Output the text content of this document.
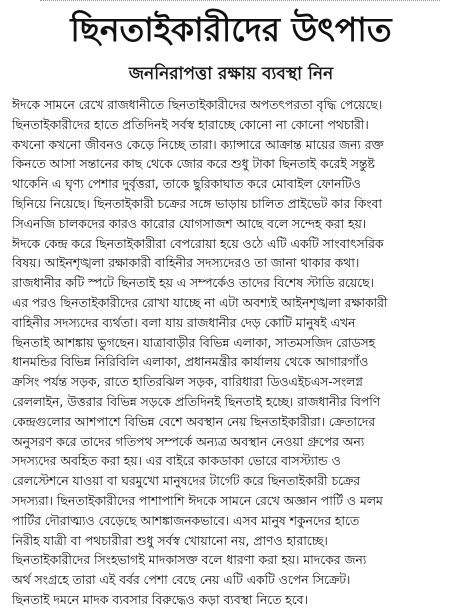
ছিনতাইকারীদের উৎপাত
জননিরাপত্তা রক্ষায় ব্যবস্থা নিন
ঈদকে সামনে রেখে রাজধানীতে ছিনতাইকারীদের অপতৎপরতা বৃদ্ধি পেয়েছে।
ছিনতাইকারীদের হাতে প্রতিদিনই সর্বস্ব হারাচ্ছে কোনো না কোনো পথচারী।
কখনো কখনো জীবনও কেড়ে নিচ্ছে তারা। ক্যান্সারে আক্রান্ত মায়ের জন্য রক্ত
কিনতে আসা সন্তানের কাছ থেকে জোর করে শুধু টাকা ছিনতাই করেই সন্তুষ্ট
থাকেনি এ ঘৃণ্য পেশার দুর্বৃত্তরা, তাকে ছুরিকাঘাত করে মোবাইল ফোনটিও
ছিনিয়ে নিয়েছে। ছিনতাইকারী চক্রের সঙ্গে ভাড়ায় চালিত প্রাইভেট কার কিংবা
সিএনজি চালকদের কারও কারোর যোগসাজশ আছে বলে সন্দেহ করা হয়।
ঈদকে কেন্দ্র করে ছিনতাইকারীরা বেপরোয়া হয়ে ওঠে এটি একটি সাংবাৎসরিক
বিষয়। আইনশৃঙ্খলা রক্ষাকারী বাহিনীর সদস্যদেরও তা জানা থাকার কথা।
রাজধানীর কটি স্পটে ছিনতাই হয় এ সম্পর্কেও তাদের বিশেষ স্টাডি রয়েছে।
এর পরও ছিনতাইকারীদের রোখা যাচ্ছে না এটা অবশ্যই আইনশৃঙ্খলা রক্ষাকারী
বাহিনীর সদস্যদের ব্যর্থতা। বলা যায় রাজধানীর দেড় কোটি মানুষই এখন
ছিনতাই আশঙ্কায় ভুগছেন। যাত্রাবাড়ীর বিভিন্ন এলাকা, সাতমসজিদ রোডসহ
ধানমন্ডির বিভিন্ন নিরিবিলি এলাকা, প্রধানমন্ত্রীর কার্যালয় থেকে আগারগাঁও
ক্রসিং পর্যন্ত সড়ক, রাতে হাতিরঝিল সড়ক, বারিধারা ডিওএইচএস-সংলগ্ন
রেললাইন, উত্তরার বিভিন্ন সড়কে প্রতিদিনই ছিনতাই হচ্ছে। রাজধানীর বিপণি
কেন্দ্রগুলোর আশপাশে বিভিন্ন বেশে অবস্থান নেয় ছিনতাইকারীরা। ক্রেতাদের
অনুসরণ করে তাদের গতিপথ সম্পর্কে অন্যত্র অবস্থান নেওয়া গ্রুপের অন্য
সদস্যদের অবহিত করা হয়। এর বাইরে কাকডাকা ভোরে বাসস্ট্যান্ড ও
রেলস্টেশনে যাওয়া বা ঘরমুখো মানুষদের টার্গেট করে ছিনতাইকারী চক্রের
সদস্যরা। ছিনতাইকারীদের পাশাপাশি ঈদকে সামনে রেখে অজ্ঞান পার্টি ও মলম
পার্টির দৌরাত্ম্যও বেড়েছে আশঙ্কাজনকভাবে। এসব মানুষ শকুনদের হাতে
নিরীহ যাত্রী বা পথচারীরা শুধু সর্বস্ব খোয়ানো নয়, প্রাণও হারাচ্ছে।
ছিনতাইকারীদের সিংহভাগই মাদকাসক্ত বলে ধারণা করা হয়। মাদকের জন্য
অর্থ সংগ্রহে তারা এই বর্বর পেশা বেছে নেয় এটি একটি ওপেন সিক্রেট।
ছিনতাই দমনে মাদক ব্যবসার বিরুদ্ধেও কড়া ব্যবস্থা নিতে হবে।
